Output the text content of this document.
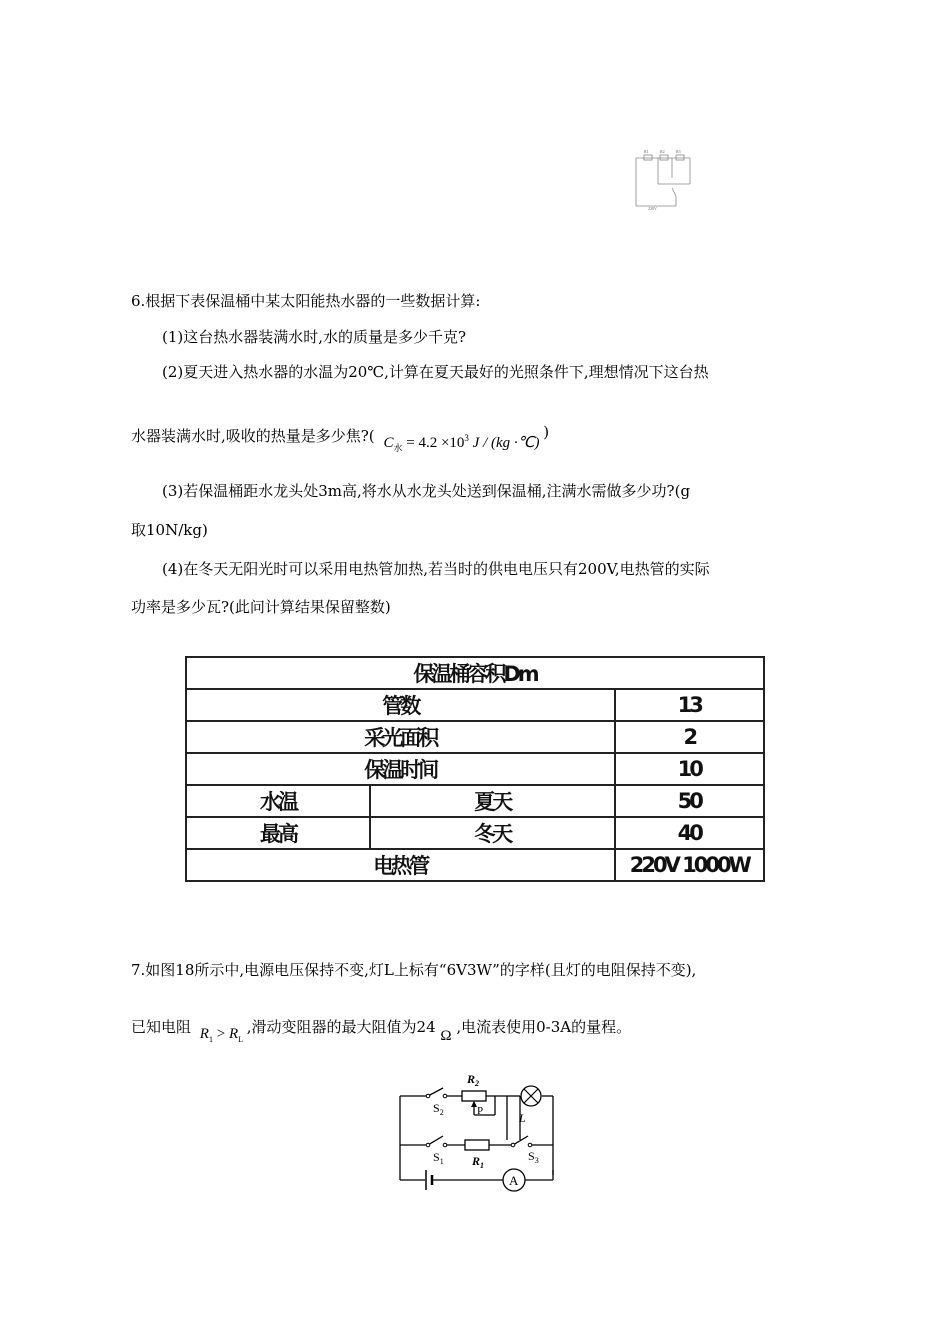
R1	R2	R3
220V
6.根据下表保温桶中某太阳能热水器的一些数据计算:
(1)这台热水器装满水时,水的质量是多少千克?
(2)夏天进入热水器的水温为20℃,计算在夏天最好的光照条件下,理想情况下这台热
水器装满水时,吸收的热量是多少焦?( $C_水 = 4.2 \times 10^3$ J / (kg ·℃) )
(3)若保温桶距水龙头处3m高,将水从水龙头处送到保温桶,注满水需做多少功?(g
取10N/kg)
(4)在冬天无阳光时可以采用电热管加热,若当时的供电电压只有200V,电热管的实际
功率是多少瓦?(此问计算结果保留整数)
保温桶容积Dm		
管数		13
采光面积		2
保温时间		10
水温	夏天	50
最高	冬天	40
电热管		220V 1000W
7.如图18所示中,电源电压保持不变,灯L上标有“6V3W”的字样(且灯的电阻保持不变),
已知电阻 $R_1 > R_L$ ,滑动变阻器的最大阻值为24 Ω ,电流表使用0-3A的量程。
A
$R_2$
P	L
$S_2$
$S_1$ $R_1$
$S_3$
